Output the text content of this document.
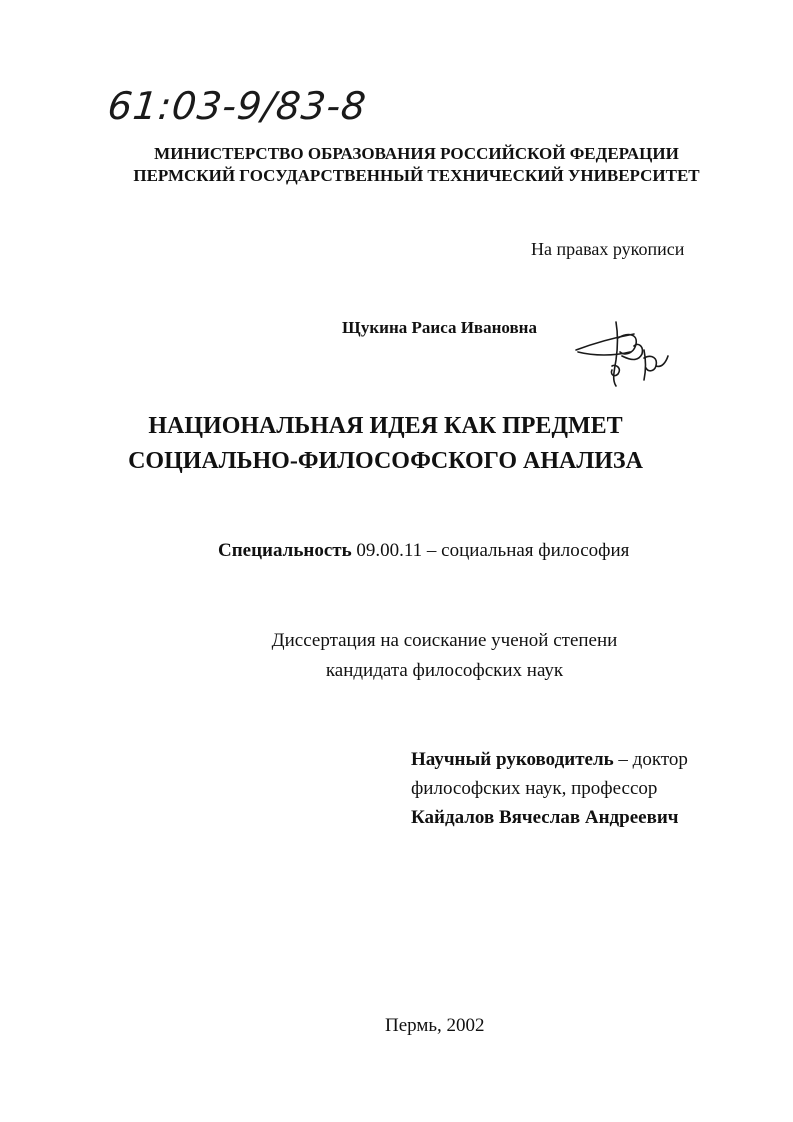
61:03-9/83-8
МИНИСТЕРСТВО ОБРАЗОВАНИЯ РОССИЙСКОЙ ФЕДЕРАЦИИ
ПЕРМСКИЙ ГОСУДАРСТВЕННЫЙ ТЕХНИЧЕСКИЙ УНИВЕРСИТЕТ
На правах рукописи
Щукина Раиса Ивановна
НАЦИОНАЛЬНАЯ ИДЕЯ КАК ПРЕДМЕТ
СОЦИАЛЬНО-ФИЛОСОФСКОГО АНАЛИЗА
Специальность 09.00.11 – социальная философия
Диссертация на соискание ученой степени
кандидата философских наук
Научный руководитель – доктор
философских наук, профессор
Кайдалов Вячеслав Андреевич
Пермь, 2002
